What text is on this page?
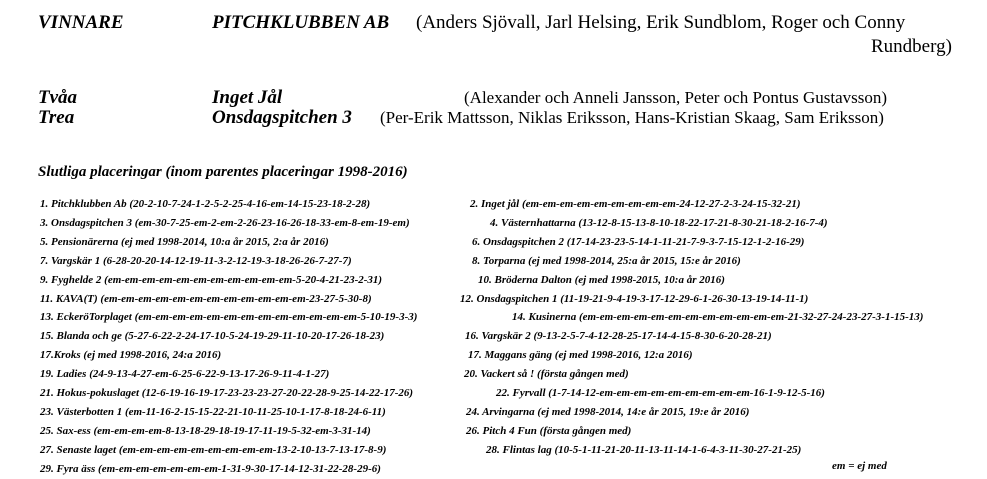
VINNARE	PITCHKLUBBEN AB (Anders Sjövall, Jarl Helsing, Erik Sundblom, Roger och Conny
Rundberg)
Tvåa	Inget Jål	(Alexander och Anneli Jansson, Peter och Pontus Gustavsson)
Trea	Onsdagspitchen 3 (Per-Erik Mattsson, Niklas Eriksson, Hans-Kristian Skaag, Sam Eriksson)
Slutliga placeringar (inom parentes placeringar 1998-2016)
1. Pitchklubben Ab (20-2-10-7-24-1-2-5-2-25-4-16-em-14-15-23-18-2-28)	2. Inget jål (em-em-em-em-em-em-em-em-em-24-12-27-2-3-24-15-32-21)
3. Onsdagspitchen 3 (em-30-7-25-em-2-em-2-26-23-16-26-18-33-em-8-em-19-em)	4. Västernhattarna (13-12-8-15-13-8-10-18-22-17-21-8-30-21-18-2-16-7-4)
5. Pensionärerna (ej med 1998-2014, 10:a år 2015, 2:a år 2016)	6. Onsdagspitchen 2 (17-14-23-23-5-14-1-11-21-7-9-3-7-15-12-1-2-16-29)
7. Vargskär 1 (6-28-20-20-14-12-19-11-3-2-12-19-3-18-26-26-7-27-7)	8. Torparna (ej med 1998-2014, 25:a år 2015, 15:e år 2016)
9. Fyghelde 2 (em-em-em-em-em-em-em-em-em-em-em-5-20-4-21-23-2-31)	10. Bröderna Dalton (ej med 1998-2015, 10:a år 2016)
11. KAVA(T) (em-em-em-em-em-em-em-em-em-em-em-em-23-27-5-30-8)	12. Onsdagspitchen 1 (11-19-21-9-4-19-3-17-12-29-6-1-26-30-13-19-14-11-1)
13. EckeröTorplaget (em-em-em-em-em-em-em-em-em-em-em-em-em-5-10-19-3-3)	14. Kusinerna (em-em-em-em-em-em-em-em-em-em-em-em-21-32-27-24-23-27-3-1-15-13)
15. Blanda och ge (5-27-6-22-2-24-17-10-5-24-19-29-11-10-20-17-26-18-23)	16. Vargskär 2 (9-13-2-5-7-4-12-28-25-17-14-4-15-8-30-6-20-28-21)
17.Kroks (ej med 1998-2016, 24:a 2016)	17. Maggans gäng (ej med 1998-2016, 12:a 2016)
19. Ladies (24-9-13-4-27-em-6-25-6-22-9-13-17-26-9-11-4-1-27)	20. Vackert så ! (första gången med)
21. Hokus-pokuslaget (12-6-19-16-19-17-23-23-23-27-20-22-28-9-25-14-22-17-26)	22. Fyrvall (1-7-14-12-em-em-em-em-em-em-em-em-em-16-1-9-12-5-16)
23. Västerbotten 1 (em-11-16-2-15-15-22-21-10-11-25-10-1-17-8-18-24-6-11)	24. Arvingarna (ej med 1998-2014, 14:e år 2015, 19:e år 2016)
25. Sax-ess (em-em-em-em-8-13-18-29-18-19-17-11-19-5-32-em-3-31-14)	26. Pitch 4 Fun (första gången med)
27. Senaste laget (em-em-em-em-em-em-em-em-em-13-2-10-13-7-13-17-8-9)	28. Flintas lag (10-5-1-11-21-20-11-13-11-14-1-6-4-3-11-30-27-21-25)
29. Fyra äss (em-em-em-em-em-em-em-1-31-9-30-17-14-12-31-22-28-29-6)	em = ej med
